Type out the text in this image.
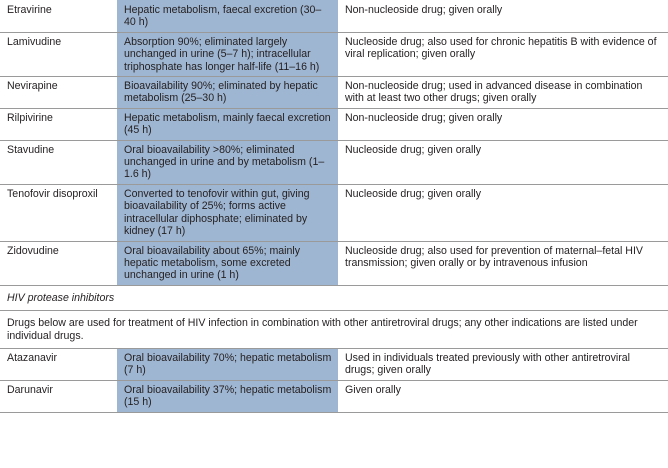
Etravirine	Hepatic metabolism, faecal excretion (30–40 h)	Non-nucleoside drug; given orally
Lamivudine	Absorption 90%; eliminated largely unchanged in urine (5–7 h); intracellular triphosphate has longer half-life (11–16 h)	Nucleoside drug; also used for chronic hepatitis B with evidence of viral replication; given orally
Nevirapine	Bioavailability 90%; eliminated by hepatic metabolism (25–30 h)	Non-nucleoside drug; used in advanced disease in combination with at least two other drugs; given orally
Rilpivirine	Hepatic metabolism, mainly faecal excretion (45 h)	Non-nucleoside drug; given orally
Stavudine	Oral bioavailability >80%; eliminated unchanged in urine and by metabolism (1–1.6 h)	Nucleoside drug; given orally
Tenofovir disoproxil	Converted to tenofovir within gut, giving bioavailability of 25%; forms active intracellular diphosphate; eliminated by kidney (17 h)	Nucleoside drug; given orally
Zidovudine	Oral bioavailability about 65%; mainly hepatic metabolism, some excreted unchanged in urine (1 h)	Nucleoside drug; also used for prevention of maternal–fetal HIV transmission; given orally or by intravenous infusion
HIV protease inhibitors		
Drugs below are used for treatment of HIV infection in combination with other antiretroviral drugs; any other indications are listed under individual drugs.		
Atazanavir	Oral bioavailability 70%; hepatic metabolism (7 h)	Used in individuals treated previously with other antiretroviral drugs; given orally
Darunavir	Oral bioavailability 37%; hepatic metabolism (15 h)	Given orally
